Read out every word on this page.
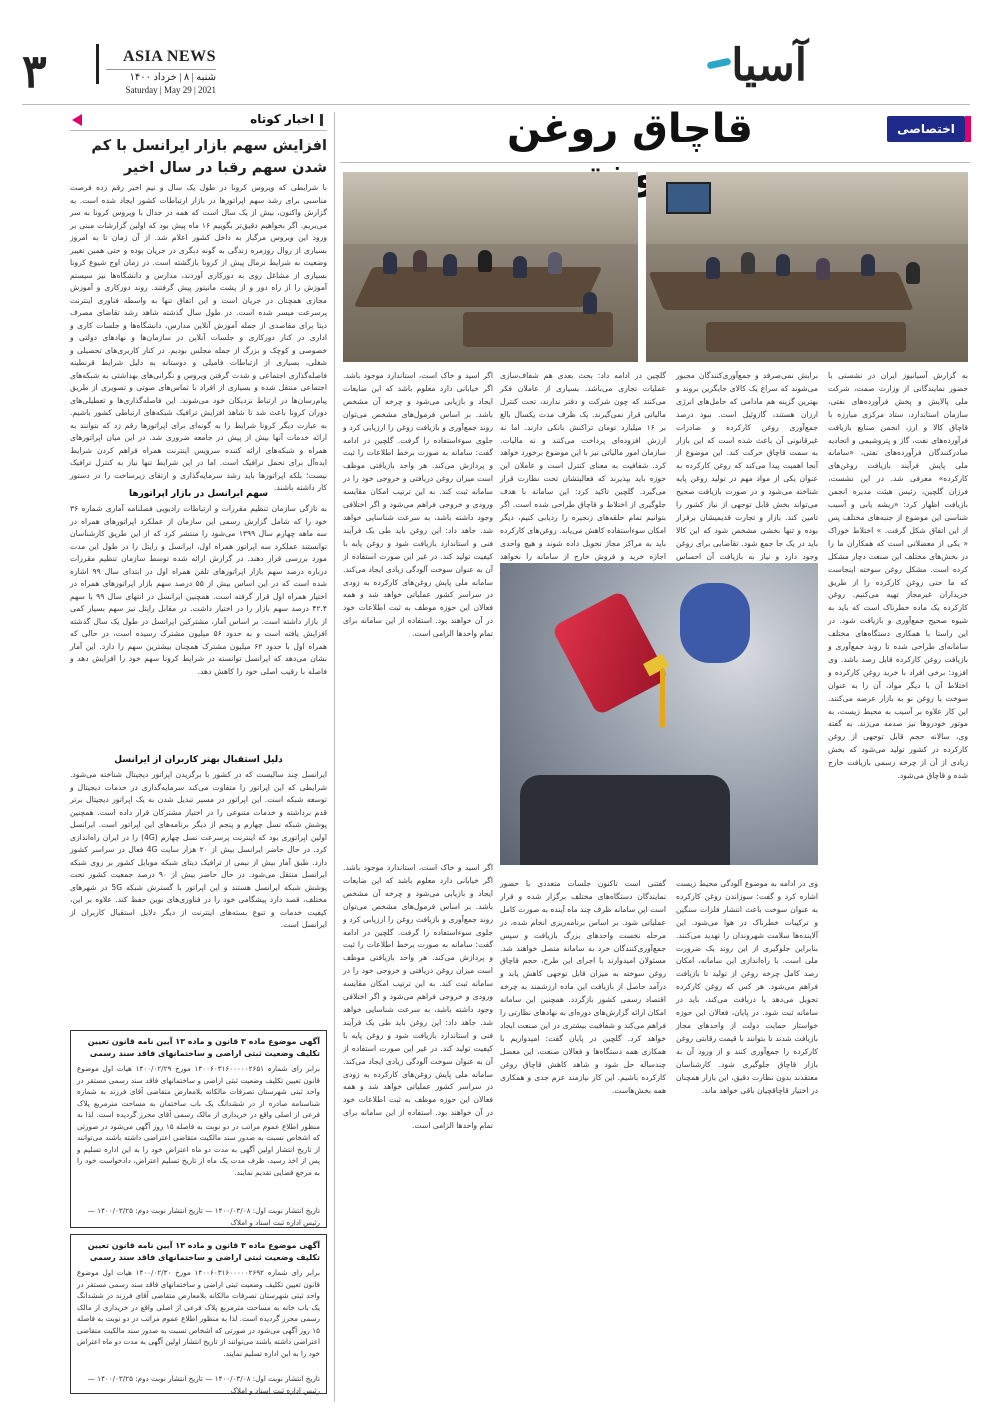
۳	ASIA NEWS
شنبه | ۸ | خرداد ۱۴۰۰
Saturday | May 29 | 2021	آسیا
اخبار کوتاه
افزایش سهم بازار ایرانسل با کم شدن سهم رقبا در سال اخیر
با شرایطی که ویروس کرونا در طول یک سال و نیم اخیر رقم زده فرصت مناسبی برای رشد سهم اپراتورها در بازار ارتباطات کشور ایجاد شده است. به گزارش واکنون، بیش از یک سال است که همه در جدال با ویروس کرونا به سر می‌بریم. اگر بخواهیم دقیق‌تر بگوییم ۱۶ ماه پیش بود که اولین گزارشات مبنی بر ورود این ویروس مرگبار به داخل کشور اعلام شد. از آن زمان تا به امروز بسیاری از روال روزمره زندگی به گونه دیگری در جریان بوده و حتی همین تغییر وضعیت به شرایط نرمال پیش از کرونا بازگشته است. در زمان اوج شیوع کرونا بسیاری از مشاغل روی به دورکاری آوردند، مدارس و دانشگاه‌ها نیز سیستم آموزش را از راه دور و از پشت مانیتور پیش گرفتند. روند دورکاری و آموزش مجازی همچنان در جریان است و این اتفاق تنها به واسطه فناوری اینترنت پرسرعت میسر شده است. در طول سال گذشته شاهد رشد تقاضای مصرف دیتا برای مقاصدی از جمله آموزش آنلاین مدارس، دانشگاه‌ها و جلسات کاری و اداری در کنار دورکاری و جلسات آنلاین در سازمان‌ها و نهادهای دولتی و خصوصی و کوچک و بزرگ از جمله مجلس بودیم. در کنار کاربری‌های تحصیلی و شغلی، بسیاری از ارتباطات فامیلی و دوستانه به دلیل شرایط قرنطینه فاصله‌گذاری اجتماعی و شدت گرفتن ویروس و نگرانی‌های بهداشتی به شبکه‌های اجتماعی منتقل شده و بسیاری از افراد با تماس‌های صوتی و تصویری از طریق پیام‌رسان‌ها در ارتباط نزدیکان خود می‌شوند. این فاصله‌گذاری‌ها و تعطیلی‌های دوران کرونا باعث شد تا شاهد افزایش ترافیک شبکه‌های ارتباطی کشور باشیم. به عبارت دیگر کرونا شرایط را به گونه‌ای برای اپراتورها رقم زد که بتوانند به ارائه خدمات آنها بیش از پیش در جامعه ضروری شد. در این میان اپراتورهای همراه و شبکه‌های ارائه کننده سرویس اینترنت همراه فراهم کردن شرایط ایده‌آل برای تحمل ترافیک است. اما در این شرایط تنها نیاز به کنترل ترافیک نیست؛ بلکه اپراتورها باید رشد سرمایه‌گذاری و ارتقای زیرساخت را در دستور کار داشته باشند.
سهم ایرانسل در بازار اپراتورها
به تازگی سازمان تنظیم مقررات و ارتباطات رادیویی فصلنامه آماری شماره ۳۶ خود را که شامل گزارش رسمی این سازمان از عملکرد اپراتورهای همراه در سه ماهه چهارم سال ۱۳۹۹ می‌شود را منتشر کرد که از این طریق کارشناسان توانستند عملکرد سه اپراتور همراه اول، ایرانسل و رایتل را در طول این مدت مورد بررسی قرار دهند. در گزارش ارائه شده توسط سازمان تنظیم مقررات درباره درصد سهم بازار اپراتورهای تلفن همراه اول در ابتدای سال ۹۹ اشاره شده است که در این اساس بیش از ۵۵ درصد سهم بازار اپراتورهای همراه در اختیار همراه اول قرار گرفته است. همچنین ایرانسل در انتهای سال ۹۹ با سهم ۴۲.۴ درصد سهم بازار را در اختیار داشت. در مقابل رایتل نیز سهم بسیار کمی از بازار داشته است. بر اساس آمار، مشترکین ایرانسل در طول یک سال گذشته افزایش یافته است و به حدود ۵۶ میلیون مشترک رسیده است، در حالی که همراه اول با حدود ۶۲ میلیون مشترک همچنان بیشترین سهم را دارد. این آمار نشان می‌دهد که ایرانسل توانسته در شرایط کرونا سهم خود را افزایش دهد و فاصله با رقیب اصلی خود را کاهش دهد.
دلیل استقبال بهتر کاربران از ایرانسل
ایرانسل چند سالیست که در کشور با برگزیدن اپراتور دیجیتال شناخته می‌شود. شرایطی که این اپراتور را متفاوت می‌کند سرمایه‌گذاری در خدمات دیجیتال و توسعه شبکه است. این اپراتور در مسیر تبدیل شدن به یک اپراتور دیجیتال برتر قدم برداشته و خدمات متنوعی را در اختیار مشترکان قرار داده است. همچنین پوشش شبکه نسل چهارم و پنجم از دیگر برنامه‌های این اپراتور است. ایرانسل اولین اپراتوری بود که اینترنت پرسرعت نسل چهارم (4G) را در ایران راه‌اندازی کرد. در حال حاضر ایرانسل بیش از ۲۰ هزار سایت 4G فعال در سراسر کشور دارد. طبق آمار بیش از نیمی از ترافیک دیتای شبکه موبایل کشور بر روی شبکه ایرانسل منتقل می‌شود. در حال حاضر بیش از ۹۰ درصد جمعیت کشور تحت پوشش شبکه ایرانسل هستند و این اپراتور با گسترش شبکه 5G در شهرهای مختلف، قصد دارد پیشگامی خود را در فناوری‌های نوین حفظ کند. علاوه بر این، کیفیت خدمات و تنوع بسته‌های اینترنت از دیگر دلایل استقبال کاربران از ایرانسل است.
آگهی موضوع ماده ۳ قانون و ماده ۱۳ آیین نامه قانون تعیین تکلیف وضعیت ثبتی اراضی و ساختمانهای فاقد سند رسمی
برابر رای شماره ۱۴۰۰۶۰۳۱۶۰۰۰۰۰۲۶۵۱ مورخ ۱۴۰۰/۰۲/۲۹ هیات اول موضوع قانون تعیین تکلیف وضعیت ثبتی اراضی و ساختمانهای فاقد سند رسمی مستقر در واحد ثبتی شهرستان تصرفات مالکانه بلامعارض متقاضی آقای فرزند به شماره شناسنامه صادره از در ششدانگ یک باب ساختمان به مساحت مترمربع پلاک فرعی از اصلی واقع در خریداری از مالک رسمی آقای محرز گردیده است. لذا به منظور اطلاع عموم مراتب در دو نوبت به فاصله ۱۵ روز آگهی می‌شود در صورتی که اشخاص نسبت به صدور سند مالکیت متقاضی اعتراضی داشته باشند می‌توانند از تاریخ انتشار اولین آگهی به مدت دو ماه اعتراض خود را به این اداره تسلیم و پس از اخذ رسید، ظرف مدت یک ماه از تاریخ تسلیم اعتراض، دادخواست خود را به مرجع قضایی تقدیم نمایند.
تاریخ انتشار نوبت اول: ۱۴۰۰/۰۳/۰۸ — تاریخ انتشار نوبت دوم: ۱۴۰۰/۰۳/۲۵ — رئیس اداره ثبت اسناد و املاک
آگهی موضوع ماده ۳ قانون و ماده ۱۳ آیین نامه قانون تعیین تکلیف وضعیت ثبتی اراضی و ساختمانهای فاقد سند رسمی
برابر رای شماره ۱۴۰۰۶۰۳۱۶۰۰۰۰۰۲۶۹۲ مورخ ۱۴۰۰/۰۲/۳۰ هیات اول موضوع قانون تعیین تکلیف وضعیت ثبتی اراضی و ساختمانهای فاقد سند رسمی مستقر در واحد ثبتی شهرستان تصرفات مالکانه بلامعارض متقاضی آقای فرزند در ششدانگ یک باب خانه به مساحت مترمربع پلاک فرعی از اصلی واقع در خریداری از مالک رسمی محرز گردیده است. لذا به منظور اطلاع عموم مراتب در دو نوبت به فاصله ۱۵ روز آگهی می‌شود در صورتی که اشخاص نسبت به صدور سند مالکیت متقاضی اعتراضی داشته باشند می‌توانند از تاریخ انتشار اولین آگهی به مدت دو ماه اعتراض خود را به این اداره تسلیم نمایند.
تاریخ انتشار نوبت اول: ۱۴۰۰/۰۳/۰۸ — تاریخ انتشار نوبت دوم: ۱۴۰۰/۰۳/۲۵ — رئیس اداره ثبت اسناد و املاک
اختصاصی
قاچاق روغن
به گزارش آسیانیوز ایران در نشستی با حضور نمایندگانی از وزارت صمت، شرکت ملی پالایش و پخش فرآورده‌های نفتی، سازمان استاندارد، ستاد مرکزی مبارزه با قاچاق کالا و ارز، انجمن صنایع بازیافت فرآورده‌های نفت، گاز و پتروشیمی و اتحادیه صادرکنندگان فرآورده‌های نفتی، «سامانه ملی پایش فرآیند بازیافت روغن‌های کارکرده» معرفی شد. در این نشست، فرزان گلچین، رئیس هیئت مدیره انجمن بازیافت اظهار کرد: «ریشه یابی و آسیب شناسی این موضوع از جنبه‌های مختلف پس از این اتفاق شکل گرفت. » اختلاط خوراک « یکی از معضلاتی است که همکاران ما را در بخش‌های مختلف این صنعت دچار مشکل کرده است. مشکل روغن سوخته اینجاست که ما حتی روغن کارکرده را از طریق خریداران غیرمجاز تهیه می‌کنیم. روغن کارکرده یک ماده خطرناک است که باید به شیوه صحیح جمع‌آوری و بازیافت شود. در این راستا با همکاری دستگاه‌های مختلف سامانه‌ای طراحی شده تا روند جمع‌آوری و بازیافت روغن کارکرده قابل رصد باشد. وی افزود: برخی افراد با خرید روغن کارکرده و اختلاط آن با دیگر مواد، آن را به عنوان سوخت یا روغن نو به بازار عرضه می‌کنند. این کار علاوه بر آسیب به محیط زیست، به موتور خودروها نیز صدمه می‌زند. به گفته وی، سالانه حجم قابل توجهی از روغن کارکرده در کشور تولید می‌شود که بخش زیادی از آن از چرخه رسمی بازیافت خارج شده و قاچاق می‌شود.
برایش نمی‌صرفد و جمع‌آوری‌کنندگان مجبور می‌شوند که سراغ یک کالای جایگزین بروند و بهترین گزینه هم مادامی که حامل‌های انرژی ارزان هستند، گازوئیل است. نبود درصد جمع‌آوری روغن کارکرده و صادرات غیرقانونی آن باعث شده است که این بازار به سمت قاچاق حرکت کند. این موضوع از آنجا اهمیت پیدا می‌کند که روغن کارکرده به عنوان یکی از مواد مهم در تولید روغن پایه شناخته می‌شود و در صورت بازیافت صحیح می‌تواند بخش قابل توجهی از نیاز کشور را تامین کند. بازار و تجارت قدیمیشان برقرار بوده و تنها بخشی مشخص شود که این کالا باید در یک جا جمع شود. تقاضایی برای روغن وجود دارد و نیاز به بازیافت آن احساس
گلچین در ادامه داد: بحث بعدی هم شفاف‌سازی عملیات تجاری می‌باشد. بسیاری از عاملان فکر می‌کنند که چون شرکت و دفتر ندارند، تحت کنترل مالیاتی قرار نمی‌گیرند. یک ظرف مدت یکسال بالغ بر ۱۶ میلیارد تومان تراکنش بانکی دارند. اما نه ارزش افزوده‌ای پرداخت می‌کنند و نه مالیات. سازمان امور مالیاتی نیز با این موضوع برخورد خواهد کرد. شفافیت به معنای کنترل است و عاملان این حوزه باید بپذیرند که فعالیتشان تحت نظارت قرار می‌گیرد. گلچین تاکید کرد: این سامانه با هدف جلوگیری از اختلاط و قاچاق طراحی شده است. اگر بتوانیم تمام حلقه‌های زنجیره را ردیابی کنیم، دیگر امکان سوءاستفاده کاهش می‌یابد. روغن‌های کارکرده باید به مراکز مجاز تحویل داده شوند و هیچ واحدی اجازه خرید و فروش خارج از سامانه را نخواهد
اگر اسید و خاک است، استاندارد موجود باشد. اگر خیابانی دارد معلوم باشد که این ضایعات ایجاد و بازیابی می‌شود و چرخه آن مشخص باشد. بر اساس فرمول‌های مشخص می‌توان روند جمع‌آوری و بازیافت روغن را ارزیابی کرد و جلوی سوءاستفاده را گرفت. گلچین در ادامه گفت: سامانه به صورت برخط اطلاعات را ثبت و پردازش می‌کند. هر واحد بازیافتی موظف است میزان روغن دریافتی و خروجی خود را در سامانه ثبت کند. به این ترتیب امکان مقایسه ورودی و خروجی فراهم می‌شود و اگر اختلافی وجود داشته باشد، به سرعت شناسایی خواهد شد. جاهد داد: این روغن باید طی یک فرآیند فنی و استاندارد بازیافت شود و روغن پایه با کیفیت تولید کند. در غیر این صورت استفاده از آن به عنوان سوخت آلودگی زیادی ایجاد می‌کند. سامانه ملی پایش روغن‌های کارکرده به زودی در سراسر کشور عملیاتی خواهد شد و همه فعالان این حوزه موظف به ثبت اطلاعات خود در آن خواهند بود. استفاده از این سامانه برای تمام واحدها الزامی است.
وی در ادامه به موضوع آلودگی محیط زیست اشاره کرد و گفت: سوزاندن روغن کارکرده به عنوان سوخت باعث انتشار فلزات سنگین و ترکیبات خطرناک در هوا می‌شود. این آلاینده‌ها سلامت شهروندان را تهدید می‌کنند. بنابراین جلوگیری از این روند یک ضرورت ملی است. با راه‌اندازی این سامانه، امکان رصد کامل چرخه روغن از تولید تا بازیافت فراهم می‌شود. هر کس که روغن کارکرده تحویل می‌دهد یا دریافت می‌کند، باید در سامانه ثبت شود. در پایان، فعالان این حوزه خواستار حمایت دولت از واحدهای مجاز بازیافت شدند تا بتوانند با قیمت رقابتی روغن کارکرده را جمع‌آوری کنند و از ورود آن به بازار قاچاق جلوگیری شود. کارشناسان معتقدند بدون نظارت دقیق، این بازار همچنان در اختیار قاچاقچیان باقی خواهد ماند.
گفتنی است تاکنون جلسات متعددی با حضور نمایندگان دستگاه‌های مختلف برگزار شده و قرار است این سامانه ظرف چند ماه آینده به صورت کامل عملیاتی شود. بر اساس برنامه‌ریزی انجام شده، در مرحله نخست واحدهای بزرگ بازیافت و سپس جمع‌آوری‌کنندگان خرد به سامانه متصل خواهند شد. مسئولان امیدوارند با اجرای این طرح، حجم قاچاق روغن سوخته به میزان قابل توجهی کاهش یابد و درآمد حاصل از بازیافت این ماده ارزشمند به چرخه اقتصاد رسمی کشور بازگردد. همچنین این سامانه امکان ارائه گزارش‌های دوره‌ای به نهادهای نظارتی را فراهم می‌کند و شفافیت بیشتری در این صنعت ایجاد خواهد کرد. گلچین در پایان گفت: امیدواریم با همکاری همه دستگاه‌ها و فعالان صنعت، این معضل چندساله حل شود و شاهد کاهش قاچاق روغن کارکرده باشیم. این کار نیازمند عزم جدی و همکاری همه بخش‌هاست.
اگر اسید و خاک است، استاندارد موجود باشد. اگر خیابانی دارد معلوم باشد که این ضایعات ایجاد و بازیابی می‌شود و چرخه آن مشخص باشد. بر اساس فرمول‌های مشخص می‌توان روند جمع‌آوری و بازیافت روغن را ارزیابی کرد و جلوی سوءاستفاده را گرفت. گلچین در ادامه گفت: سامانه به صورت برخط اطلاعات را ثبت و پردازش می‌کند. هر واحد بازیافتی موظف است میزان روغن دریافتی و خروجی خود را در سامانه ثبت کند. به این ترتیب امکان مقایسه ورودی و خروجی فراهم می‌شود و اگر اختلافی وجود داشته باشد، به سرعت شناسایی خواهد شد. جاهد داد: این روغن باید طی یک فرآیند فنی و استاندارد بازیافت شود و روغن پایه با کیفیت تولید کند. در غیر این صورت استفاده از آن به عنوان سوخت آلودگی زیادی ایجاد می‌کند. سامانه ملی پایش روغن‌های کارکرده به زودی در سراسر کشور عملیاتی خواهد شد و همه فعالان این حوزه موظف به ثبت اطلاعات خود در آن خواهند بود. استفاده از این سامانه برای تمام واحدها الزامی است.
